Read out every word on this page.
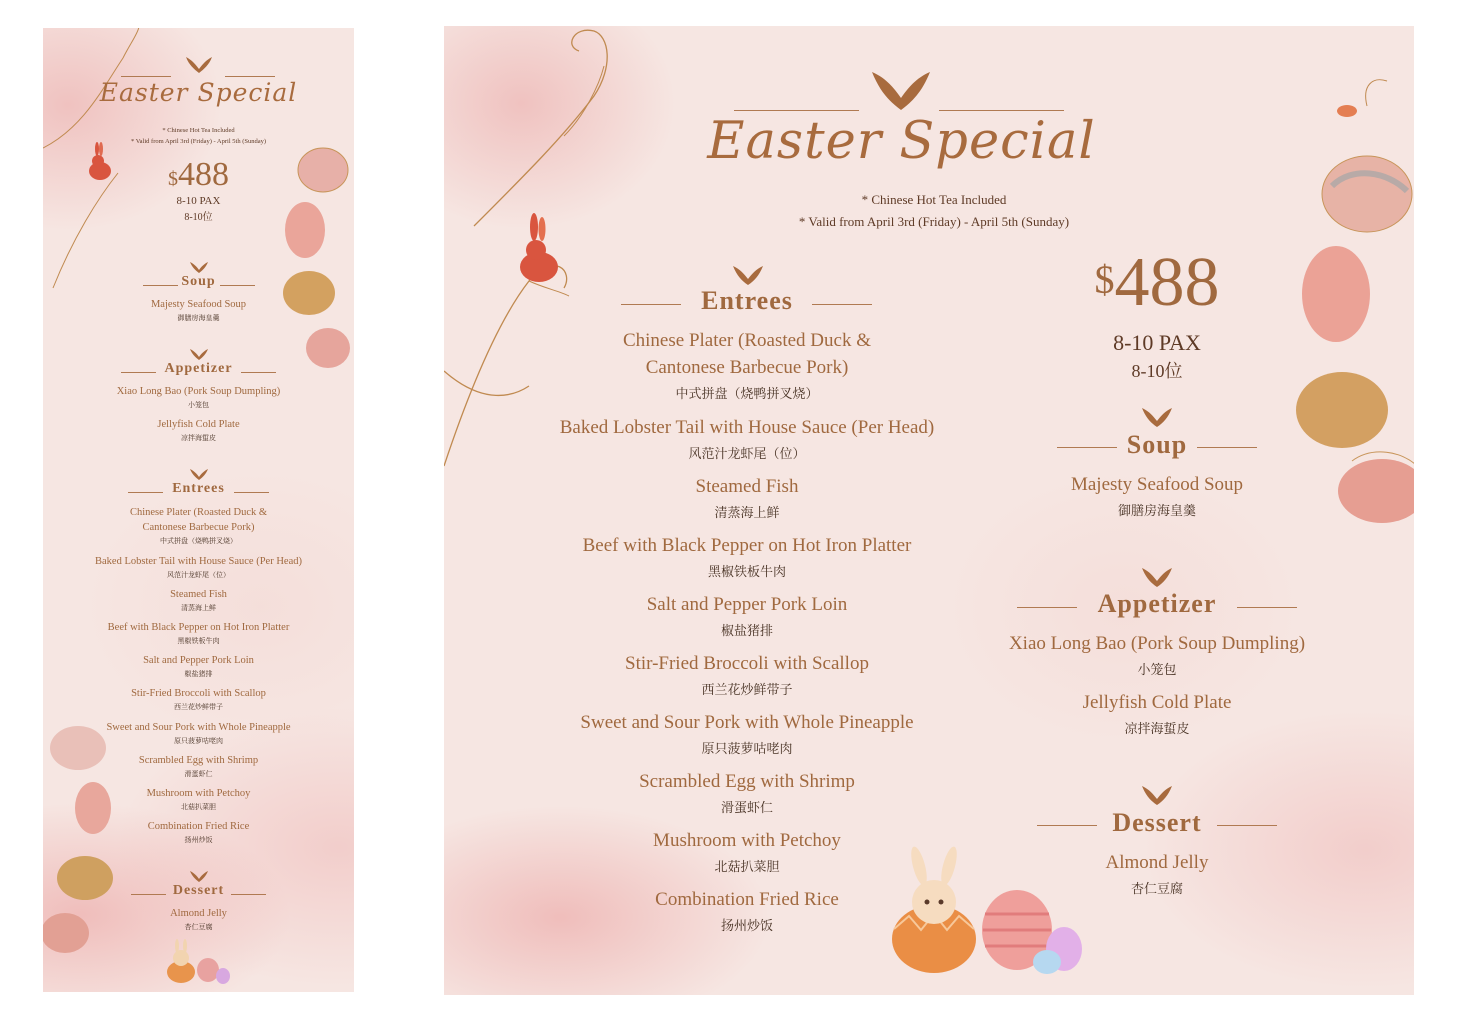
Easter Special
* Chinese Hot Tea Included
* Valid from April 3rd (Friday) - April 5th (Sunday)
$488
8-10 PAX
8-10位
Soup
Majesty Seafood Soup
御膳房海皇羹
Appetizer
Xiao Long Bao (Pork Soup Dumpling)
小笼包
Jellyfish Cold Plate
凉拌海蜇皮
Entrees
Chinese Plater (Roasted Duck &
Cantonese Barbecue Pork)
中式拼盘（烧鸭拼叉烧）
Baked Lobster Tail with House Sauce (Per Head)
风范汁龙虾尾（位）
Steamed Fish
清蒸海上鲜
Beef with Black Pepper on Hot Iron Platter
黑椒铁板牛肉
Salt and Pepper Pork Loin
椒盐猪排
Stir-Fried Broccoli with Scallop
西兰花炒鲜带子
Sweet and Sour Pork with Whole Pineapple
原只菠萝咕咾肉
Scrambled Egg with Shrimp
滑蛋虾仁
Mushroom with Petchoy
北菇扒菜胆
Combination Fried Rice
扬州炒饭
Dessert
Almond Jelly
杏仁豆腐
Easter Special
* Chinese Hot Tea Included
* Valid from April 3rd (Friday) - April 5th (Sunday)
Entrees
Chinese Plater (Roasted Duck &
Cantonese Barbecue Pork)
中式拼盘（烧鸭拼叉烧）
Baked Lobster Tail with House Sauce (Per Head)
风范汁龙虾尾（位）
Steamed Fish
清蒸海上鲜
Beef with Black Pepper on Hot Iron Platter
黑椒铁板牛肉
Salt and Pepper Pork Loin
椒盐猪排
Stir-Fried Broccoli with Scallop
西兰花炒鲜带子
Sweet and Sour Pork with Whole Pineapple
原只菠萝咕咾肉
Scrambled Egg with Shrimp
滑蛋虾仁
Mushroom with Petchoy
北菇扒菜胆
Combination Fried Rice
扬州炒饭
$488
8-10 PAX
8-10位
Soup
Majesty Seafood Soup
御膳房海皇羹
Appetizer
Xiao Long Bao (Pork Soup Dumpling)
小笼包
Jellyfish Cold Plate
凉拌海蜇皮
Dessert
Almond Jelly
杏仁豆腐
